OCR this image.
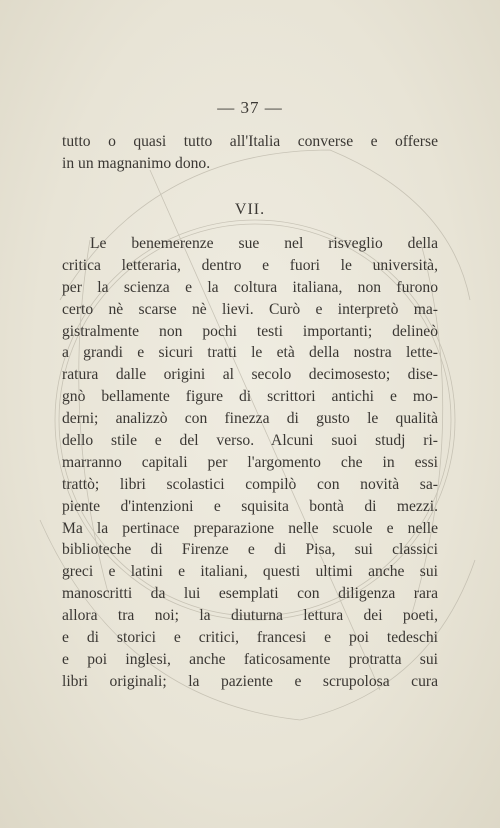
— 37 —
tutto o quasi tutto all'Italia converse e offerse
in un magnanimo dono.
VII.
Le benemerenze sue nel risveglio della
critica letteraria, dentro e fuori le università,
per la scienza e la coltura italiana, non furono
certo nè scarse nè lievi. Curò e interpretò ma-
gistralmente non pochi testi importanti; delineò
a grandi e sicuri tratti le età della nostra lette-
ratura dalle origini al secolo decimosesto; dise-
gnò bellamente figure di scrittori antichi e mo-
derni; analizzò con finezza di gusto le qualità
dello stile e del verso. Alcuni suoi studj ri-
marranno capitali per l'argomento che in essi
trattò; libri scolastici compilò con novità sa-
piente d'intenzioni e squisita bontà di mezzi.
Ma la pertinace preparazione nelle scuole e nelle
biblioteche di Firenze e di Pisa, sui classici
greci e latini e italiani, questi ultimi anche sui
manoscritti da lui esemplati con diligenza rara
allora tra noi; la diuturna lettura dei poeti,
e di storici e critici, francesi e poi tedeschi
e poi inglesi, anche faticosamente protratta sui
libri originali; la paziente e scrupolosa cura
